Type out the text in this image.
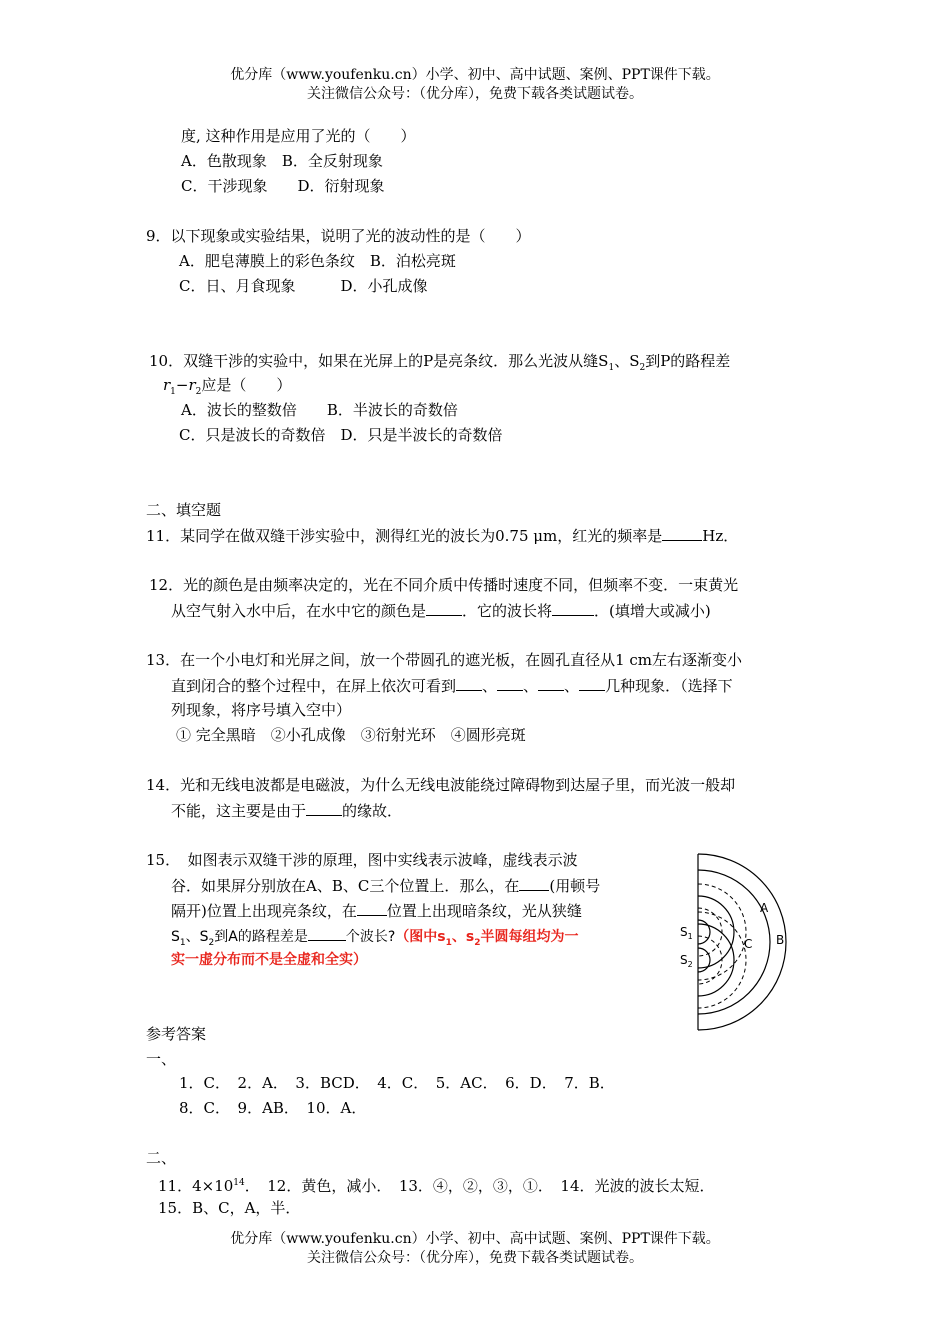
优分库（www.youfenku.cn）小学、初中、高中试题、案例、PPT课件下载。
关注微信公众号：（优分库），免费下载各类试题试卷。
度, 这种作用是应用了光的（　　）
A．色散现象　B．全反射现象
C．干涉现象　　D．衍射现象
9．以下现象或实验结果，说明了光的波动性的是（　　）
A．肥皂薄膜上的彩色条纹　B．泊松亮斑
C．日、月食现象　　　D．小孔成像
10．双缝干涉的实验中，如果在光屏上的P是亮条纹．那么光波从缝$S_1$、$S_2$到P的路程差
$r_1-r_2$应是（　　）
A．波长的整数倍　　B．半波长的奇数倍
C．只是波长的奇数倍　D．只是半波长的奇数倍
二、填空题
11．某同学在做双缝干涉实验中，测得红光的波长为0.75 μm，红光的频率是	Hz．
12．光的颜色是由频率决定的，光在不同介质中传播时速度不同，但频率不变．一束黄光
从空气射入水中后，在水中它的颜色是 ．它的波长将	．(填增大或减小)
13．在一个小电灯和光屏之间，放一个带圆孔的遮光板，在圆孔直径从1 cm左右逐渐变小
直到闭合的整个过程中，在屏上依次可看到 、 、 、 几种现象．（选择下
列现象，将序号填入空中）
① 完全黑暗　②小孔成像　③衍射光环　④圆形亮斑
14．光和无线电波都是电磁波，为什么无线电波能绕过障碍物到达屋子里，而光波一般却
不能，这主要是由于 的缘故．
15．　如图表示双缝干涉的原理，图中实线表示波峰，虚线表示波
谷．如果屏分别放在A、B、C三个位置上．那么，在 (用顿号
隔开)位置上出现亮条纹，在 位置上出现暗条纹，光从狭缝
$S_1$、$S_2$到A的路程差是	个波长?（图中$s_1$、$s_2$半圆每组均为一
实一虚分布而不是全虚和全实）
A
B
C
$S_1$
$S_2$
参考答案
一、
1．C．　2．A．　3．BCD．　4．C．　5．AC．　6．D．　7．B．
8．C．　9．AB．　10．A．
二、
11．$4\times 10^{14}$．　12．黄色，减小．　13．④，②，③，①．　14．光波的波长太短．
15．B、C，A，半．
优分库（www.youfenku.cn）小学、初中、高中试题、案例、PPT课件下载。
关注微信公众号：（优分库），免费下载各类试题试卷。
